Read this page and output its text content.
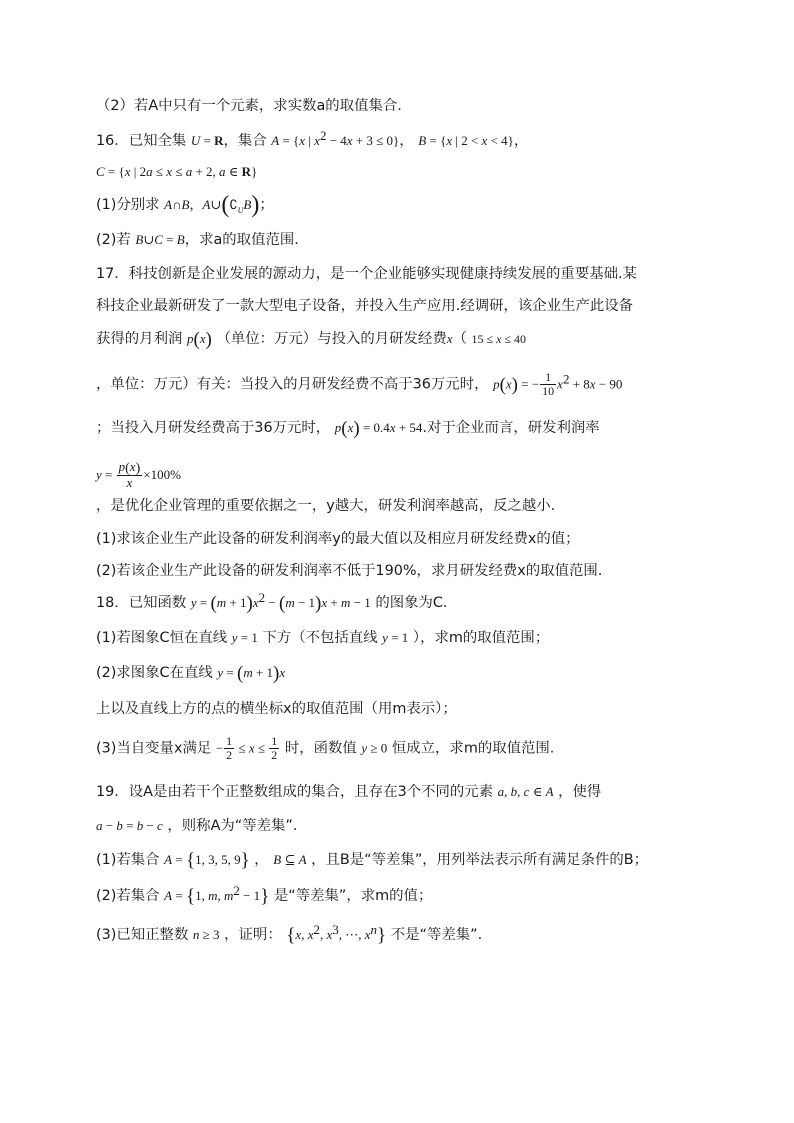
（2）若A中只有一个元素，求实数a的取值集合.
16．已知全集 U = R，集合 A = {x | $x^2 - 4x + 3 \le 0$}， B = {x | 2 < x < 4}，
C = {x | 2a ≤ x ≤ a + 2, a ∈ R}
(1)分别求 A∩B，$A\cup(∁_UB)$；
(2)若 B∪C = B，求a的取值范围.
17．科技创新是企业发展的源动力，是一个企业能够实现健康持续发展的重要基础.某
科技企业最新研发了一款大型电子设备，并投入生产应用.经调研，该企业生产此设备
获得的月利润 p(x) （单位：万元）与投入的月研发经费x（ 15 ≤ x ≤ 40
，单位：万元）有关：当投入的月研发经费不高于36万元时， p(x) = − $\frac{1}{10} x^2 + 8x - 90$
；当投入月研发经费高于36万元时， p(x) = 0.4x + 54.对于企业而言，研发利润率
$y = \frac{p(x)}{x} \times 100\%$
，是优化企业管理的重要依据之一，y越大，研发利润率越高，反之越小.
(1)求该企业生产此设备的研发利润率y的最大值以及相应月研发经费x的值；
(2)若该企业生产此设备的研发利润率不低于190%，求月研发经费x的取值范围.
18．已知函数 $y = (m + 1)x^2 - (m - 1)x + m - 1$ 的图象为C.
(1)若图象C恒在直线 y = 1 下方（不包括直线 y = 1 ），求m的取值范围；
(2)求图象C在直线 y = (m + 1)x
上以及直线上方的点的横坐标x的取值范围（用m表示）；
(3)当自变量x满足 − $\frac{1}{2} \le x \le \frac{1}{2}$ 时，函数值 y ≥ 0 恒成立，求m的取值范围.
19．设A是由若干个正整数组成的集合，且存在3个不同的元素 a, b, c ∈ A ，使得
a − b = b − c ，则称A为“等差集”.
(1)若集合 A = {1, 3, 5, 9} ， B ⊆ A ，且B是“等差集”，用列举法表示所有满足条件的B；
(2)若集合 A = {1, m, $m^2 - 1$} 是“等差集”，求m的值；
(3)已知正整数 n ≥ 3 ，证明： {x, $x^2$, $x^3$, ⋯, $x^n$} 不是“等差集”.
